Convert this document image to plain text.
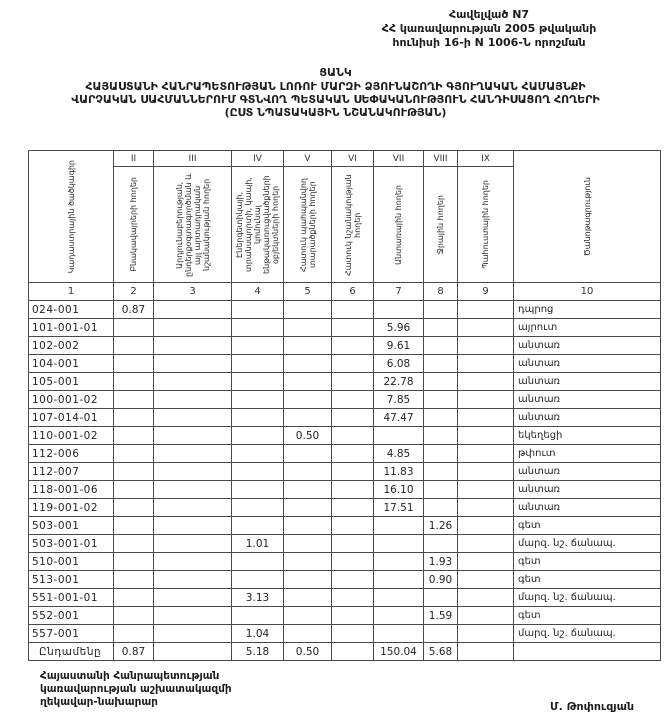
Հավելված N7
ՀՀ կառավարության 2005 թվականի
հունիսի 16-ի N 1006-Ն որոշման
ՑԱՆԿ
ՀԱՅԱՍՏԱՆԻ ՀԱՆՐԱՊԵՏՈՒԹՅԱՆ ԼՈՌՈՒ ՄԱՐԶԻ ՁՅՈՒՆԱՇՈՂԻ ԳՅՈՒՂԱԿԱՆ ՀԱՄԱՅՆՔԻ
ՎԱՐՉԱԿԱՆ ՍԱՀՄԱՆՆԵՐՈՒՄ ԳՏՆՎՈՂ ՊԵՏԱԿԱՆ ՍԵՓԱԿԱՆՈՒԹՅՈՒՆ ՀԱՆԴԻՍԱՑՈՂ ՀՈՂԵՐԻ
(ԸՍՏ ՆՊԱՏԱԿԱՅԻՆ ՆՇԱՆԱԿՈՒԹՅԱՆ)
Կադաստրային ծածկագիր	II	III	IV	V	VI	VII	VIII	IX	Ծանոթագրություն

	Բնակավայրերի հողեր	Արդյունաբերության, ընդերքօգտագործման և այլ արտադրական նշանակության հողեր	Էներգետիկայի, տրանսպորտի, կապի, կոմունալ ենթակառուցվածքների օբյեկտների հողեր	Հատուկ պահպանվող տարածքների հողեր	Հատուկ նշանակության հողեր	Անտառային հողեր	Ջրային հողեր	Պահուստային հողեր	

1	2	3	4	5	6	7	8	9	10
024-001	0.87								դպրոց
101-001-01						5.96			այրուտ
102-002						9.61			անտառ
104-001						6.08			անտառ
105-001						22.78			անտառ
100-001-02						7.85			անտառ
107-014-01						47.47			անտառ
110-001-02				0.50					եկեղեցի
112-006						4.85			թփուտ
112-007						11.83			անտառ
118-001-06						16.10			անտառ
119-001-02						17.51			անտառ
503-001							1.26		գետ
503-001-01			1.01						մարզ. նշ. ճանապ.
510-001							1.93		գետ
513-001							0.90		գետ
551-001-01			3.13						մարզ. նշ. ճանապ.
552-001							1.59		գետ
557-001			1.04						մարզ. նշ. ճանապ.
Ընդամենը	0.87		5.18	0.50		150.04	5.68		
Հայաստանի Հանրապետության
կառավարության աշխատակազմի
ղեկավար-նախարար	Մ. Թոփուզյան
